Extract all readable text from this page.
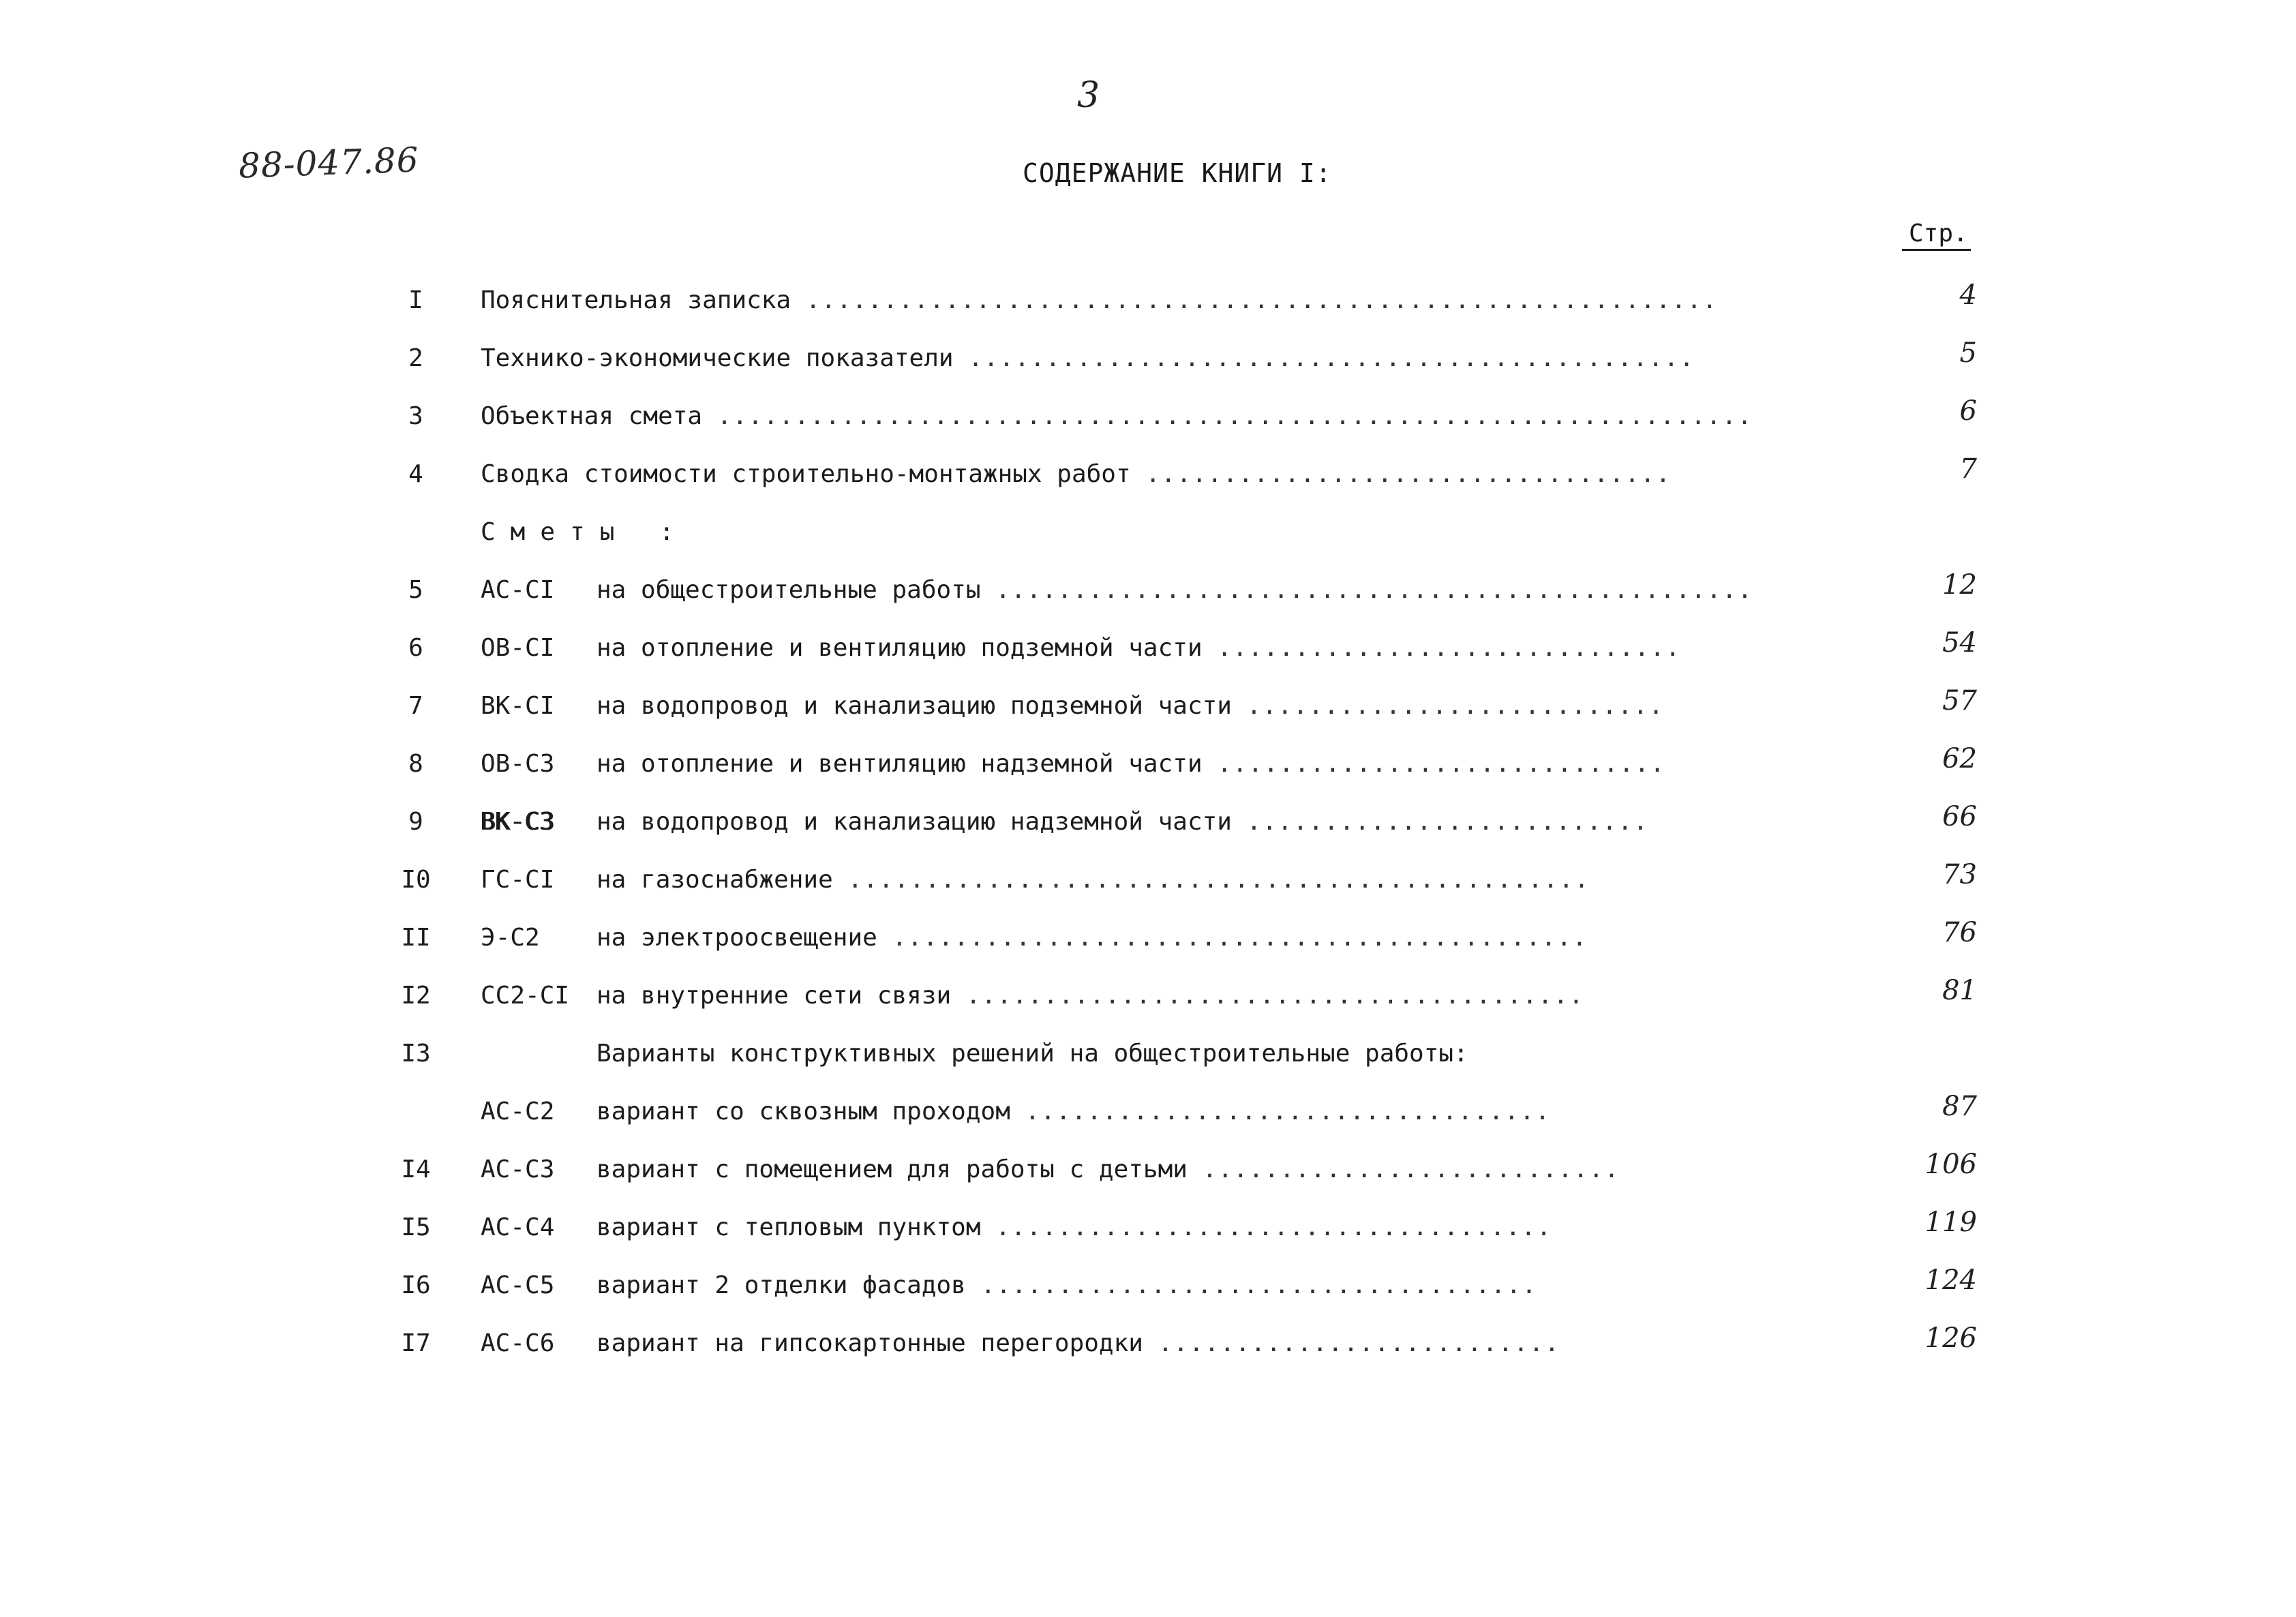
3
88-047.86	СОДЕРЖАНИЕ КНИГИ I:
Стр.
I	Пояснительная записка ...........................................................	4
2	Технико-экономические показатели ...............................................	5
3	Объектная смета ...................................................................	6
4	Сводка стоимости строительно-монтажных работ ..................................	7
Сметы :
5	АС-СI на общестроительные работы .................................................	12
6	ОВ-СI на отопление и вентиляцию подземной части ..............................	54
7	ВК-СI на водопровод и канализацию подземной части ...........................	57
8	ОВ-С3 на отопление и вентиляцию надземной части .............................	62
9	ВК-С3 на водопровод и канализацию надземной части ..........................	66
I0	ГС-СI на газоснабжение ................................................	73
II	Э-С2 на электроосвещение .............................................	76
I2	СС2-СI на внутренние сети связи ........................................	81
I3	Варианты конструктивных решений на общестроительные работы:
АС-С2 вариант со сквозным проходом ..................................	87
I4	АС-С3 вариант с помещением для работы с детьми ...........................	106
I5	АС-С4 вариант с тепловым пунктом ....................................	119
I6	АС-С5 вариант 2 отделки фасадов ....................................	124
I7	АС-С6 вариант на гипсокартонные перегородки ..........................	126
